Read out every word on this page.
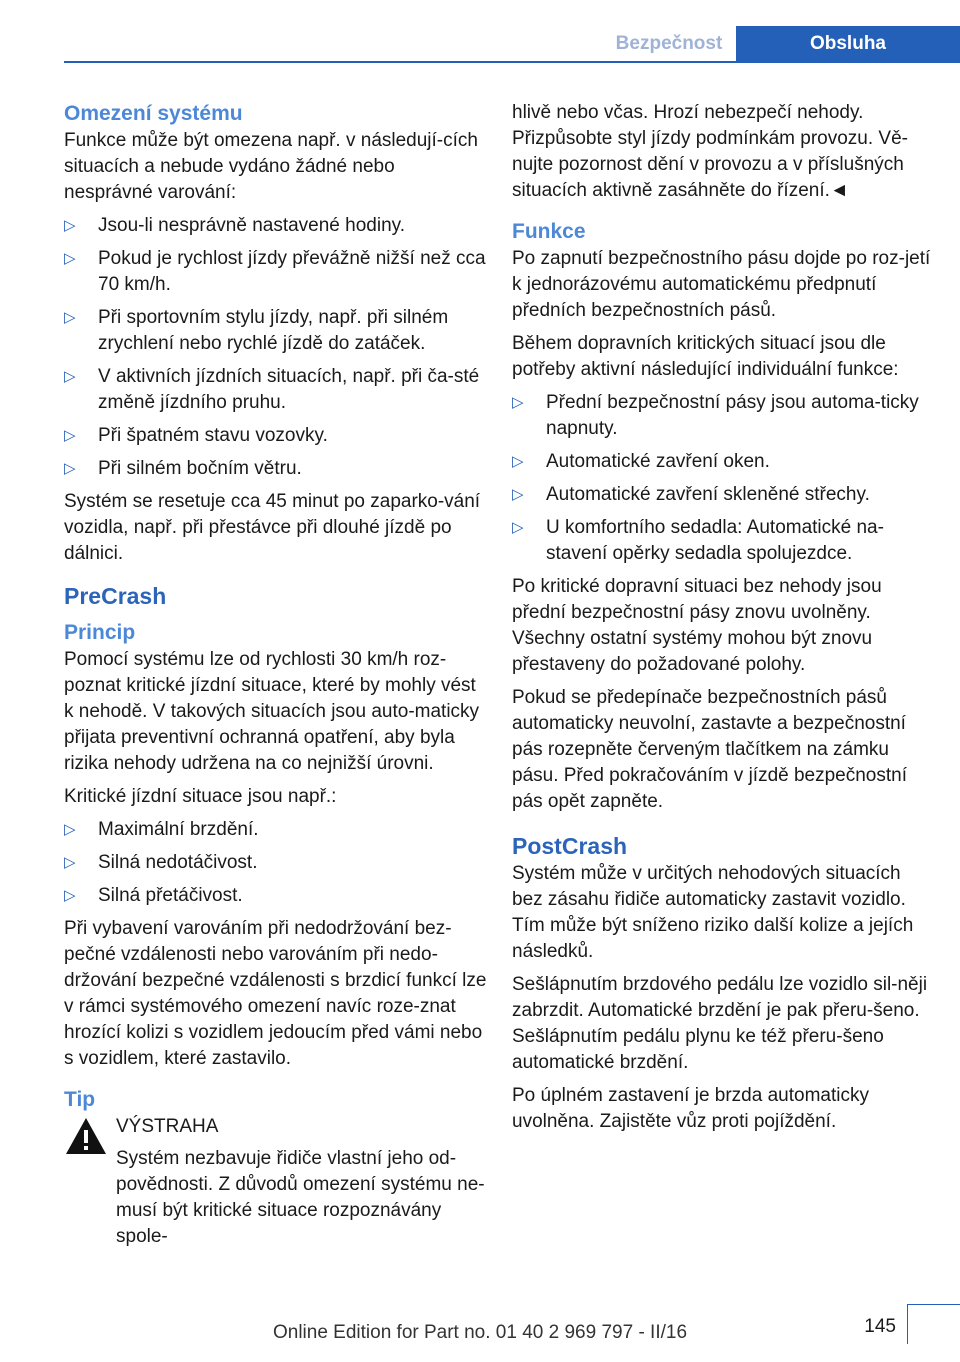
Bezpečnost	Obsluha
Omezení systému

Funkce může být omezena např. v následují‐cích situacích a nebude vydáno žádné nebo nesprávné varování:

▷ Jsou-li nesprávně nastavené hodiny.
▷ Pokud je rychlost jízdy převážně nižší než cca 70 km/h.
▷ Při sportovním stylu jízdy, např. při silném zrychlení nebo rychlé jízdě do zatáček.
▷ V aktivních jízdních situacích, např. při ča‐sté změně jízdního pruhu.
▷ Při špatném stavu vozovky.
▷ Při silném bočním větru.

Systém se resetuje cca 45 minut po zaparko‐vání vozidla, např. při přestávce při dlouhé jízdě po dálnici.

PreCrash
Princip

Pomocí systému lze od rychlosti 30 km/h roz‐poznat kritické jízdní situace, které by mohly vést k nehodě. V takových situacích jsou auto‐maticky přijata preventivní ochranná opatření, aby byla rizika nehody udržena na co nejnižší úrovni.

Kritické jízdní situace jsou např.:

▷ Maximální brzdění.
▷ Silná nedotáčivost.
▷ Silná přetáčivost.

Při vybavení varováním při nedodržování bez‐pečné vzdálenosti nebo varováním při nedo‐držování bezpečné vzdálenosti s brzdicí funkcí lze v rámci systémového omezení navíc roze‐znat hrozící kolizi s vozidlem jedoucím před vámi nebo s vozidlem, které zastavilo.

Tip
VÝSTRAHA
Systém nezbavuje řidiče vlastní jeho od‐povědnosti. Z důvodů omezení systému ne‐musí být kritické situace rozpoznávány spole‐

hlivě nebo včas. Hrozí nebezpečí nehody. Přizpůsobte styl jízdy podmínkám provozu. Vě‐nujte pozornost dění v provozu a v příslušných situacích aktivně zasáhněte do řízení.◄

Funkce

Po zapnutí bezpečnostního pásu dojde po roz‐jetí k jednorázovému automatickému předpnutí předních bezpečnostních pásů.

Během dopravních kritických situací jsou dle potřeby aktivní následující individuální funkce:

▷ Přední bezpečnostní pásy jsou automa‐ticky napnuty.
▷ Automatické zavření oken.
▷ Automatické zavření skleněné střechy.
▷ U komfortního sedadla: Automatické na‐stavení opěrky sedadla spolujezdce.

Po kritické dopravní situaci bez nehody jsou přední bezpečnostní pásy znovu uvolněny. Všechny ostatní systémy mohou být znovu přestaveny do požadované polohy.

Pokud se předepínače bezpečnostních pásů automaticky neuvolní, zastavte a bezpečnostní pás rozepněte červeným tlačítkem na zámku pásu. Před pokračováním v jízdě bezpečnostní pás opět zapněte.

PostCrash

Systém může v určitých nehodových situacích bez zásahu řidiče automaticky zastavit vozidlo. Tím může být sníženo riziko další kolize a jejích následků.

Sešlápnutím brzdového pedálu lze vozidlo sil‐něji zabrzdit. Automatické brzdění je pak přeru‐šeno. Sešlápnutím pedálu plynu ke též přeru‐šeno automatické brzdění.

Po úplném zastavení je brzda automaticky uvolněna. Zajistěte vůz proti pojíždění.

145
Online Edition for Part no. 01 40 2 969 797 - II/16
